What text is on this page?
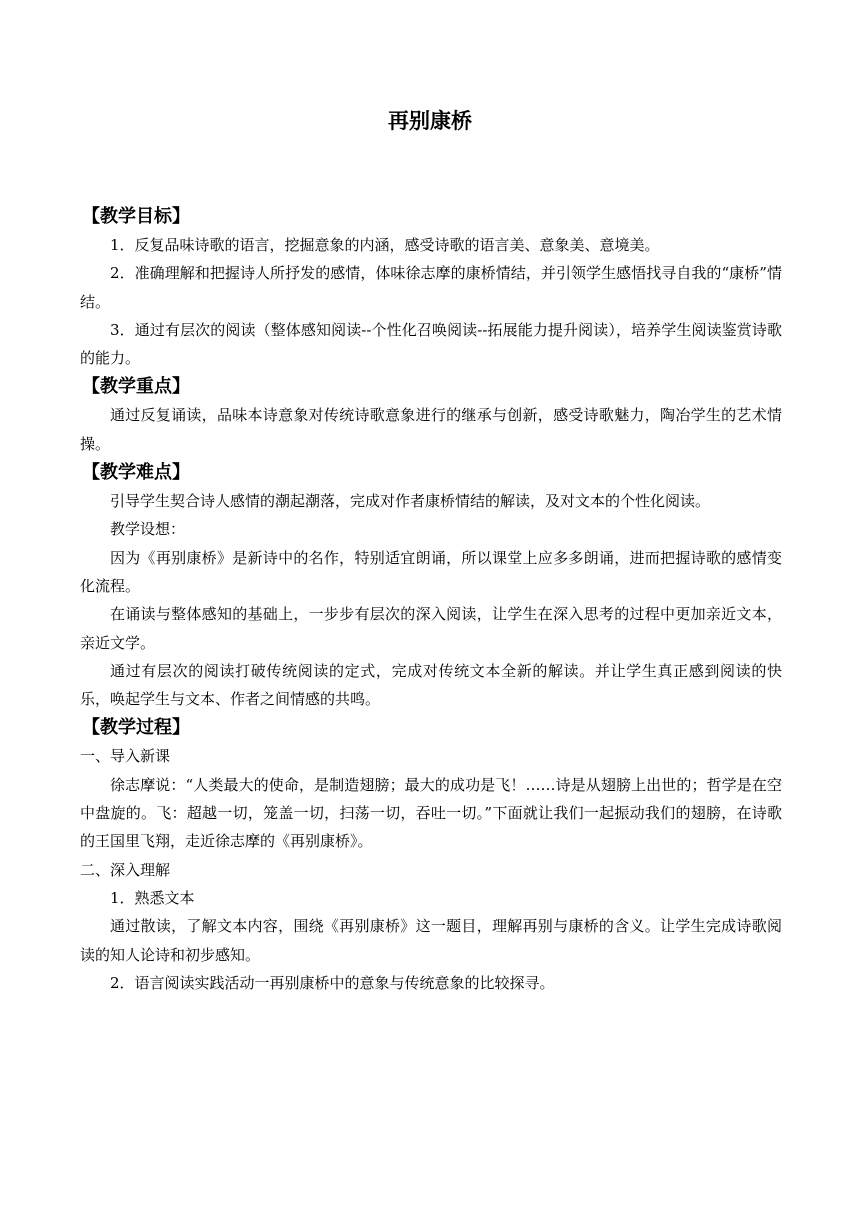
再别康桥
【教学目标】

1．反复品味诗歌的语言，挖掘意象的内涵，感受诗歌的语言美、意象美、意境美。

2．准确理解和把握诗人所抒发的感情，体味徐志摩的康桥情结，并引领学生感悟找寻自我的“康桥”情结。

3．通过有层次的阅读（整体感知阅读--个性化召唤阅读--拓展能力提升阅读），培养学生阅读鉴赏诗歌的能力。

【教学重点】

通过反复诵读，品味本诗意象对传统诗歌意象进行的继承与创新，感受诗歌魅力，陶冶学生的艺术情操。

【教学难点】

引导学生契合诗人感情的潮起潮落，完成对作者康桥情结的解读，及对文本的个性化阅读。

教学设想：

因为《再别康桥》是新诗中的名作，特别适宜朗诵，所以课堂上应多多朗诵，进而把握诗歌的感情变化流程。

在诵读与整体感知的基础上，一步步有层次的深入阅读，让学生在深入思考的过程中更加亲近文本，亲近文学。

通过有层次的阅读打破传统阅读的定式，完成对传统文本全新的解读。并让学生真正感到阅读的快乐，唤起学生与文本、作者之间情感的共鸣。

【教学过程】

一、导入新课

徐志摩说：“人类最大的使命，是制造翅膀；最大的成功是飞！……诗是从翅膀上出世的；哲学是在空中盘旋的。飞：超越一切，笼盖一切，扫荡一切，吞吐一切。”下面就让我们一起振动我们的翅膀，在诗歌的王国里飞翔，走近徐志摩的《再别康桥》。

二、深入理解

1．熟悉文本

通过散读，了解文本内容，围绕《再别康桥》这一题目，理解再别与康桥的含义。让学生完成诗歌阅读的知人论诗和初步感知。

2．语言阅读实践活动一再别康桥中的意象与传统意象的比较探寻。
